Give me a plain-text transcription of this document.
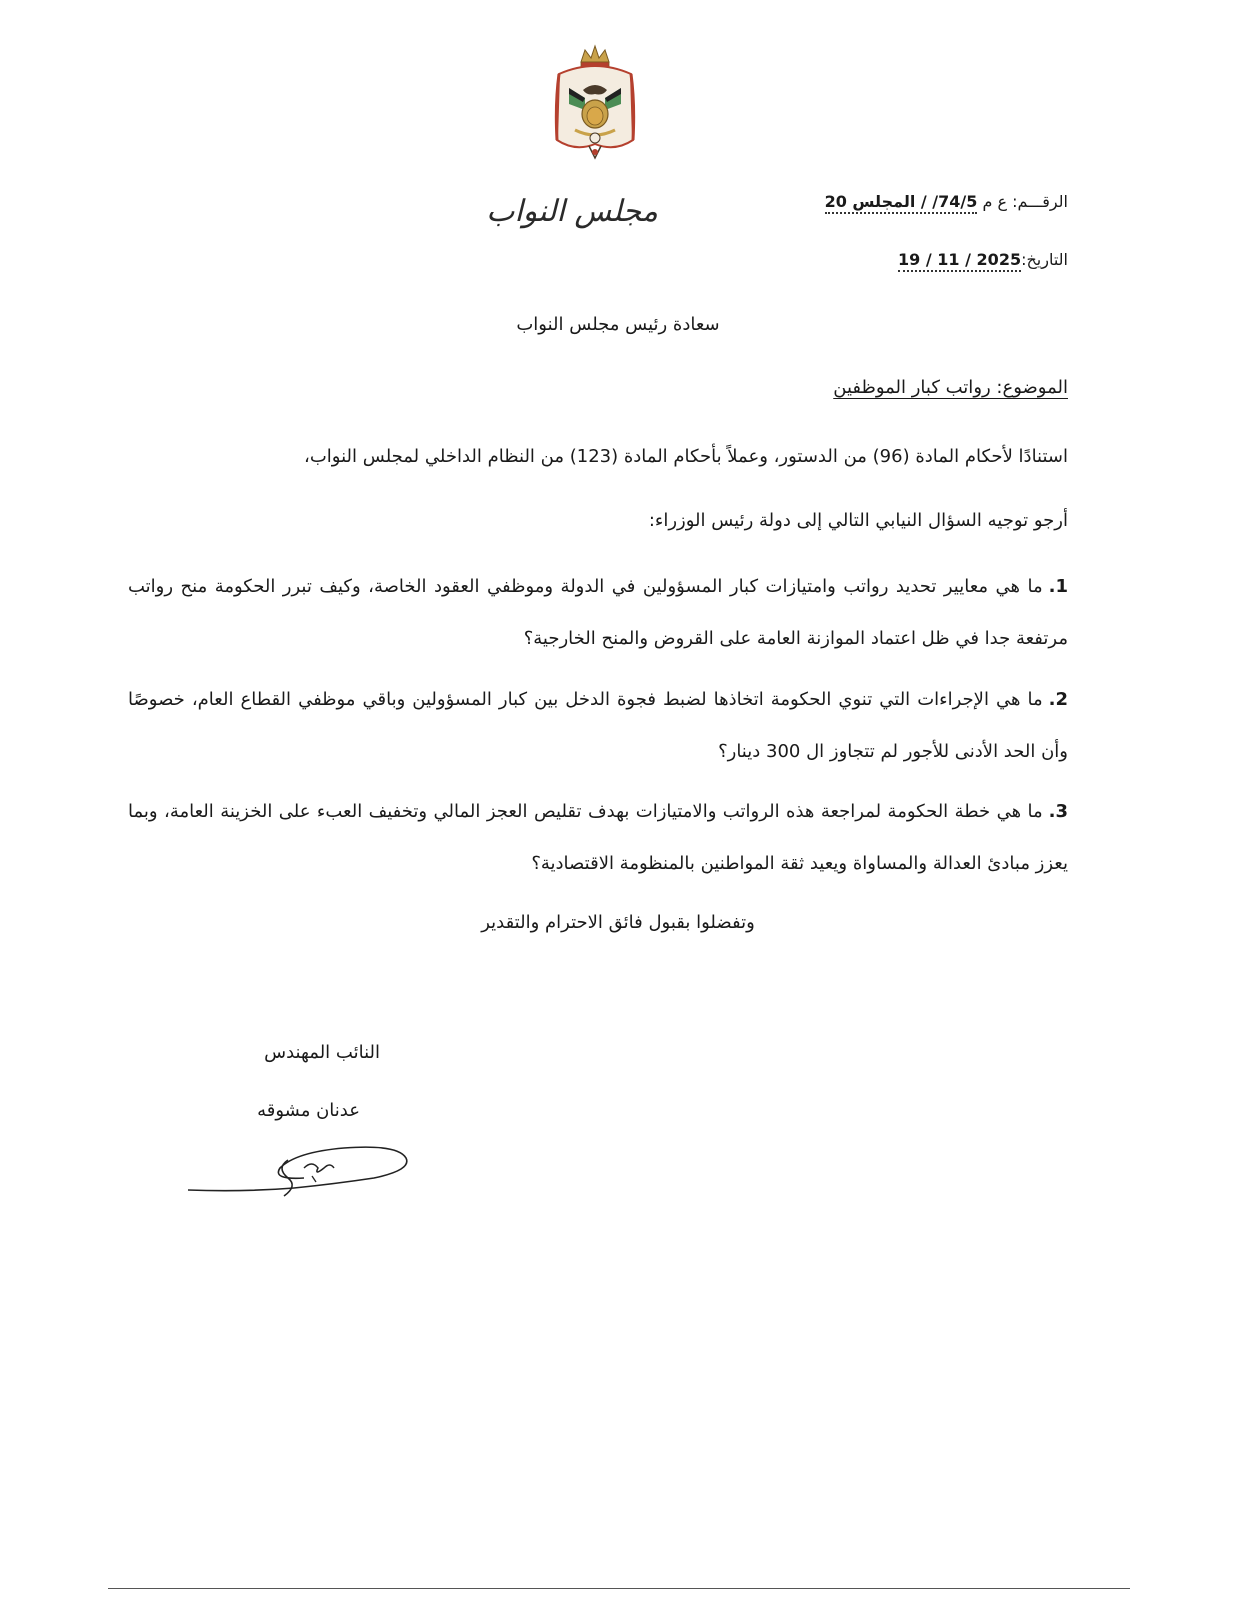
مجلس النواب	الرقـــم: ع م 74/5/ / المجلس 20
التاريخ:2025 / 11 / 19
سعادة رئيس مجلس النواب
الموضوع: رواتب كبار الموظفين
استنادًا لأحكام المادة (96) من الدستور، وعملاً بأحكام المادة (123) من النظام الداخلي لمجلس النواب،
أرجو توجيه السؤال النيابي التالي إلى دولة رئيس الوزراء:
1.ما هي معايير تحديد رواتب وامتيازات كبار المسؤولين في الدولة وموظفي العقود الخاصة، وكيف تبرر الحكومة منح رواتب مرتفعة جدا في ظل اعتماد الموازنة العامة على القروض والمنح الخارجية؟
2.ما هي الإجراءات التي تنوي الحكومة اتخاذها لضبط فجوة الدخل بين كبار المسؤولين وباقي موظفي القطاع العام، خصوصًا وأن الحد الأدنى للأجور لم تتجاوز ال 300 دينار؟
3.ما هي خطة الحكومة لمراجعة هذه الرواتب والامتيازات بهدف تقليص العجز المالي وتخفيف العبء على الخزينة العامة، وبما يعزز مبادئ العدالة والمساواة ويعيد ثقة المواطنين بالمنظومة الاقتصادية؟
وتفضلوا بقبول فائق الاحترام والتقدير
النائب المهندس
عدنان مشوقه
